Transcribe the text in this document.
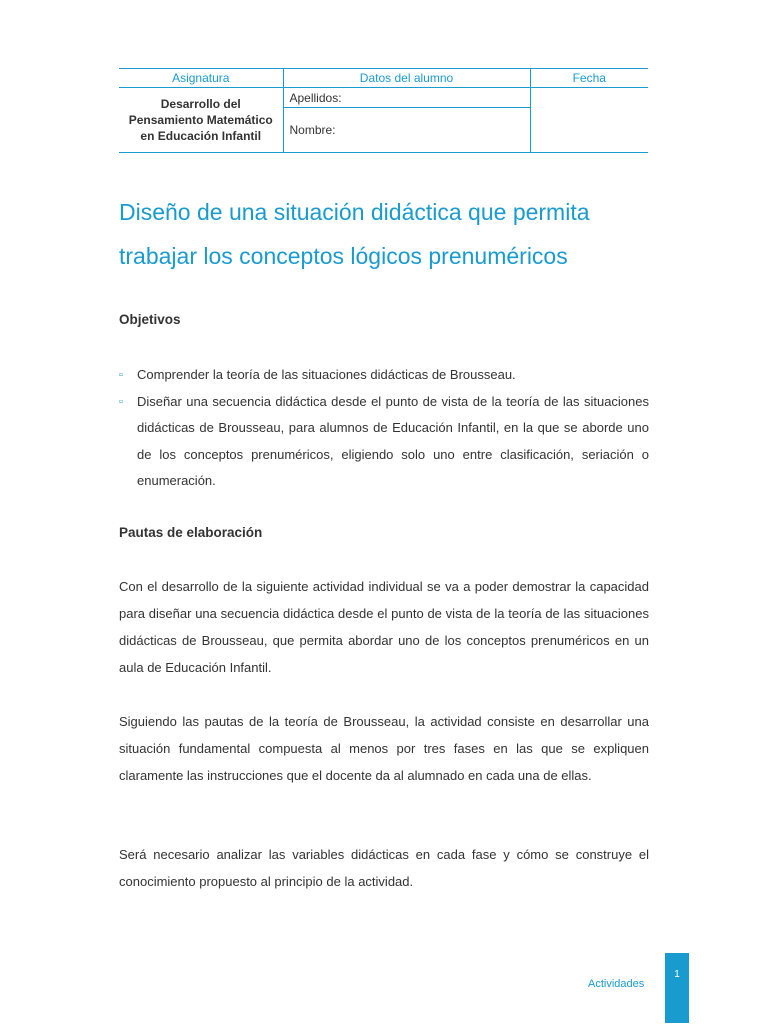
Asignatura	Datos del alumno	Fecha
Desarrollo del Pensamiento Matemático en Educación Infantil	Apellidos:	
	Nombre:	
Diseño de una situación didáctica que permita trabajar los conceptos lógicos prenuméricos
Objetivos
▫ Comprender la teoría de las situaciones didácticas de Brousseau.
▫ Diseñar una secuencia didáctica desde el punto de vista de la teoría de las situaciones didácticas de Brousseau, para alumnos de Educación Infantil, en la que se aborde uno de los conceptos prenuméricos, eligiendo solo uno entre clasificación, seriación o enumeración.
Pautas de elaboración

Con el desarrollo de la siguiente actividad individual se va a poder demostrar la capacidad para diseñar una secuencia didáctica desde el punto de vista de la teoría de las situaciones didácticas de Brousseau, que permita abordar uno de los conceptos prenuméricos en un aula de Educación Infantil.

Siguiendo las pautas de la teoría de Brousseau, la actividad consiste en desarrollar una situación fundamental compuesta al menos por tres fases en las que se expliquen claramente las instrucciones que el docente da al alumnado en cada una de ellas.

Será necesario analizar las variables didácticas en cada fase y cómo se construye el conocimiento propuesto al principio de la actividad.

Actividades
1
